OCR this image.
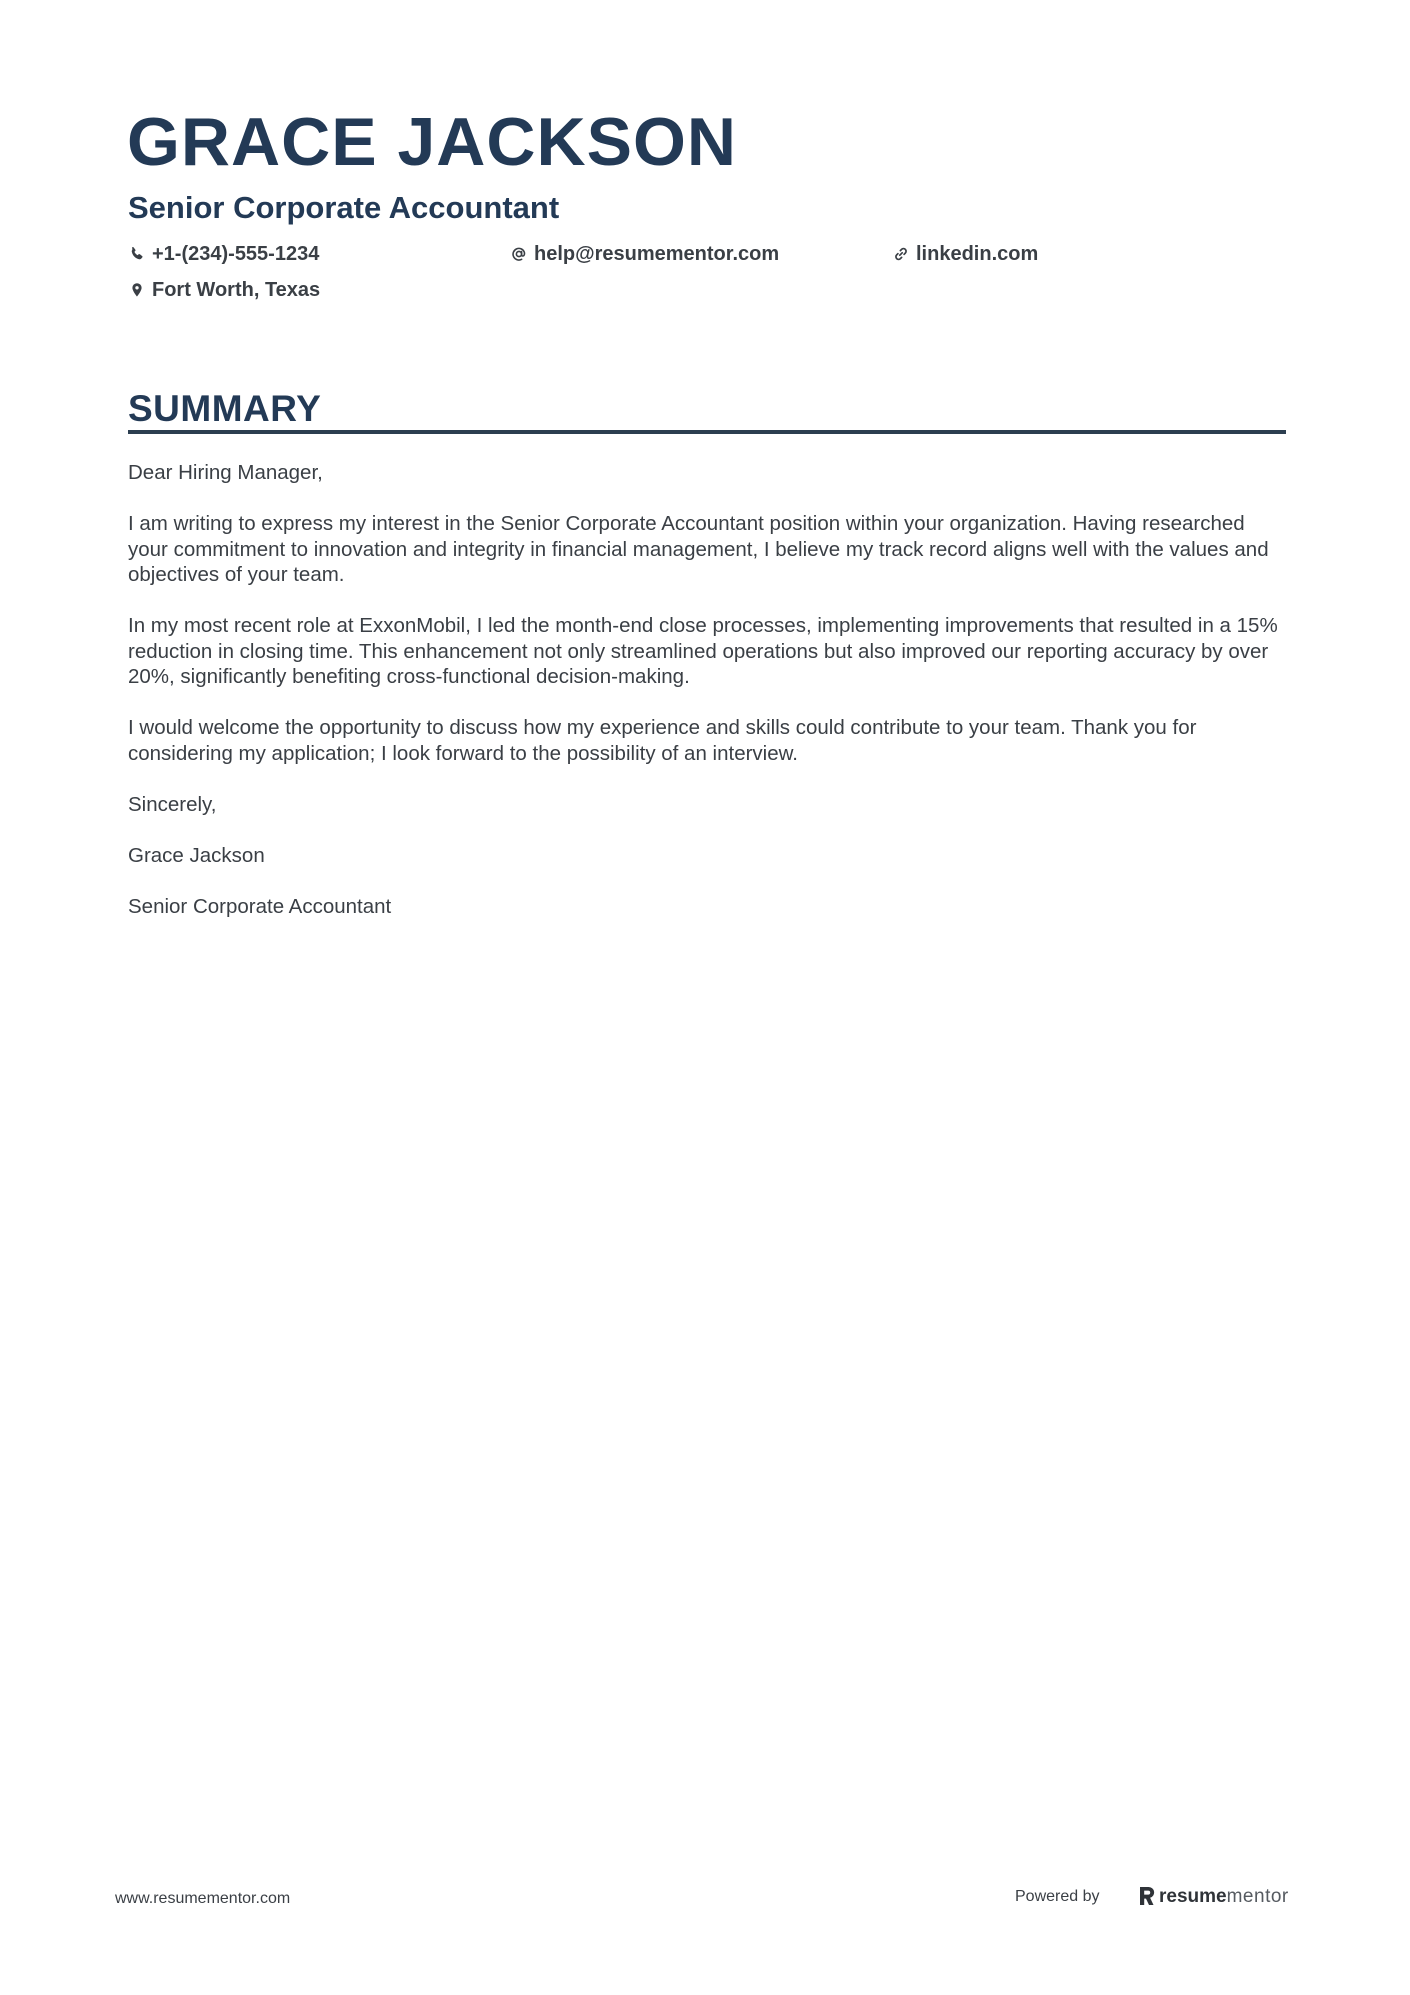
GRACE JACKSON
Senior Corporate Accountant
+1-(234)-555-1234	help@resumementor.com	linkedin.com
Fort Worth, Texas
SUMMARY

Dear Hiring Manager,

I am writing to express my interest in the Senior Corporate Accountant position within your organization. Having researched your commitment to innovation and integrity in financial management, I believe my track record aligns well with the values and objectives of your team.

In my most recent role at ExxonMobil, I led the month-end close processes, implementing improvements that resulted in a 15% reduction in closing time. This enhancement not only streamlined operations but also improved our reporting accuracy by over 20%, significantly benefiting cross-functional decision-making.

I would welcome the opportunity to discuss how my experience and skills could contribute to your team. Thank you for considering my application; I look forward to the possibility of an interview.

Sincerely,

Grace Jackson

Senior Corporate Accountant

www.resumementor.com	Powered by	resume mentor
